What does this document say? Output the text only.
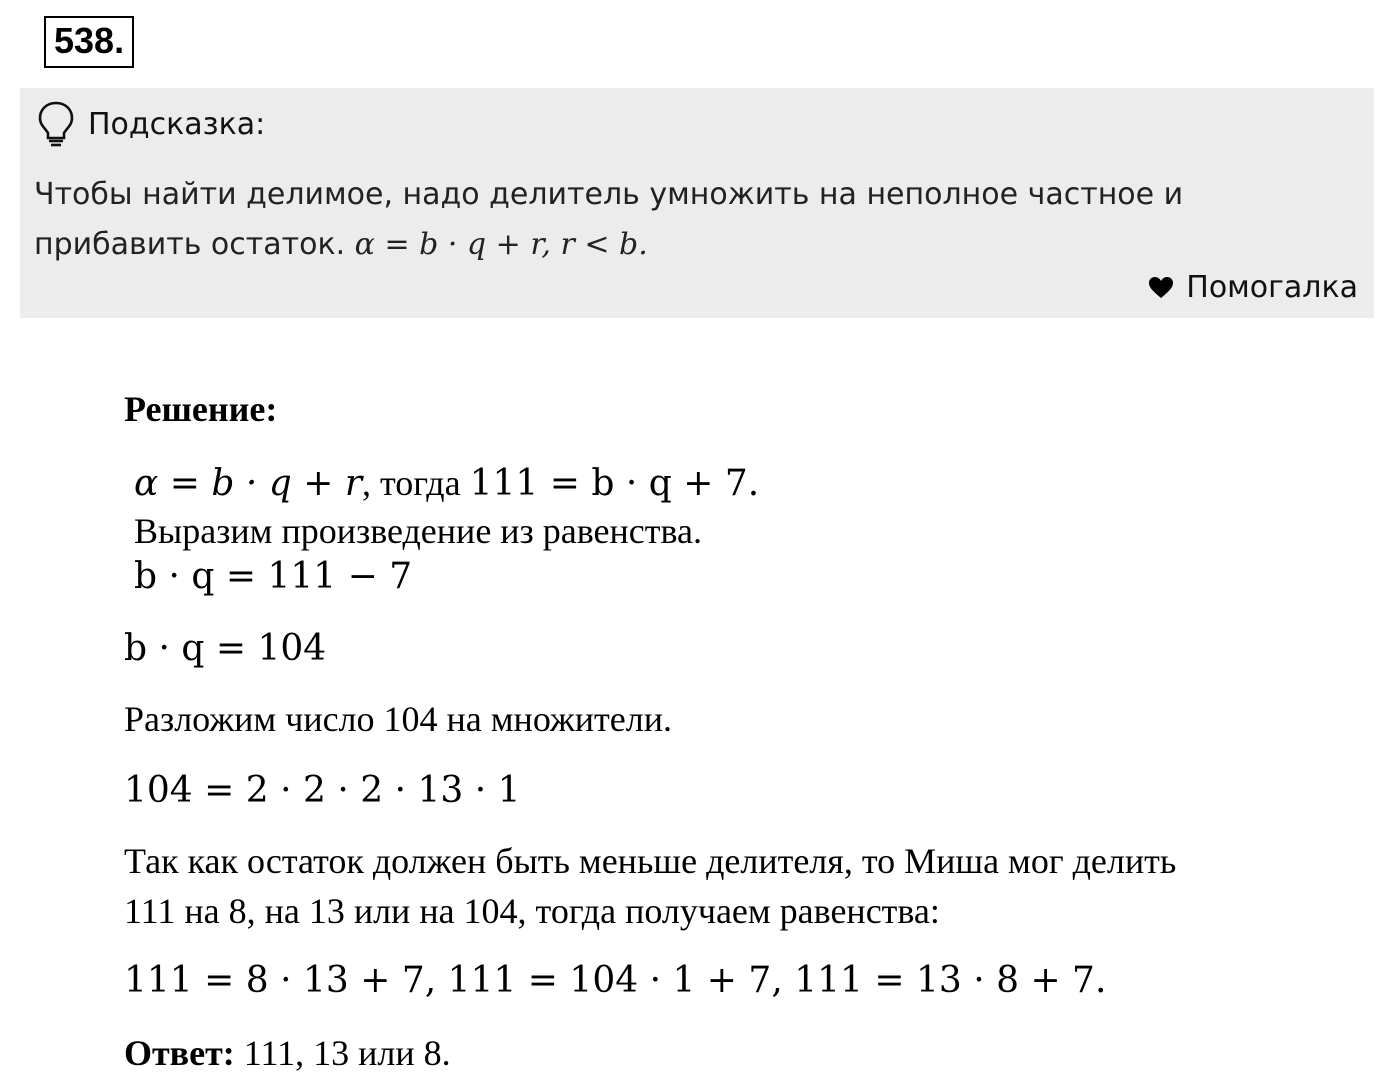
538.
Подсказка:
Чтобы найти делимое, надо делитель умножить на неполное частное и прибавить остаток. α = b · q + r, r < b.
Помогалка
Решение:
α = b · q + r, тогда 111 = b · q + 7.
Выразим произведение из равенства.
b · q = 111 − 7
b · q = 104
Разложим число 104 на множители.
104 = 2 · 2 · 2 · 13 · 1
Так как остаток должен быть меньше делителя, то Миша мог делить
111 на 8, на 13 или на 104, тогда получаем равенства:
111 = 8 · 13 + 7, 111 = 104 · 1 + 7, 111 = 13 · 8 + 7.
Ответ: 111, 13 или 8.
